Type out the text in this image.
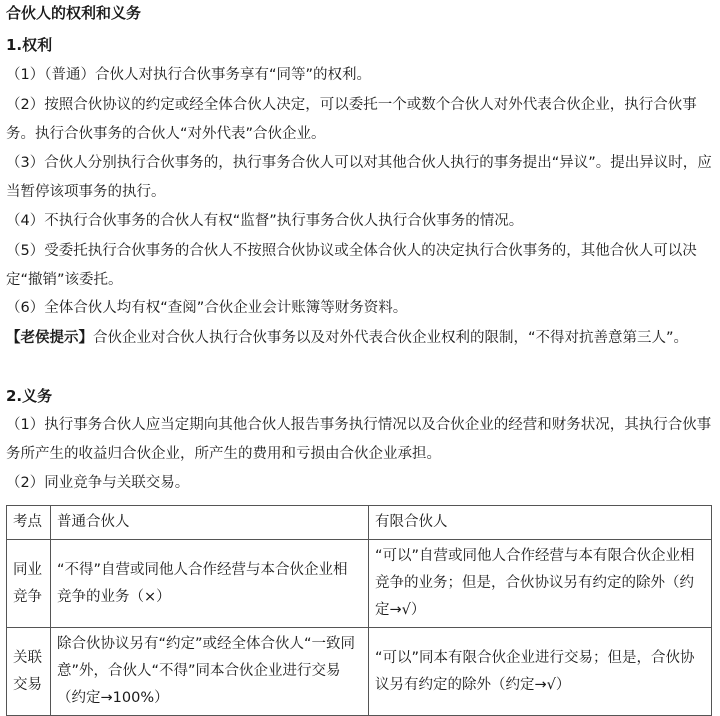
合伙人的权利和义务
1.权利
（1）（普通）合伙人对执行合伙事务享有“同等”的权利。
（2）按照合伙协议的约定或经全体合伙人决定，可以委托一个或数个合伙人对外代表合伙企业，执行合伙事务。执行合伙事务的合伙人“对外代表”合伙企业。
（3）合伙人分别执行合伙事务的，执行事务合伙人可以对其他合伙人执行的事务提出“异议”。提出异议时，应当暂停该项事务的执行。
（4）不执行合伙事务的合伙人有权“监督”执行事务合伙人执行合伙事务的情况。
（5）受委托执行合伙事务的合伙人不按照合伙协议或全体合伙人的决定执行合伙事务的，其他合伙人可以决定“撤销”该委托。
（6）全体合伙人均有权“查阅”合伙企业会计账簿等财务资料。
【老侯提示】合伙企业对合伙人执行合伙事务以及对外代表合伙企业权利的限制，“不得对抗善意第三人”。
2.义务
（1）执行事务合伙人应当定期向其他合伙人报告事务执行情况以及合伙企业的经营和财务状况，其执行合伙事务所产生的收益归合伙企业，所产生的费用和亏损由合伙企业承担。
（2）同业竞争与关联交易。
考点	普通合伙人	有限合伙人
同业竞争	“不得”自营或同他人合作经营与本合伙企业相竞争的业务（×）	“可以”自营或同他人合作经营与本有限合伙企业相竞争的业务；但是，合伙协议另有约定的除外（约定→√）
关联交易	除合伙协议另有“约定”或经全体合伙人“一致同意”外，合伙人“不得”同本合伙企业进行交易（约定→100%）	“可以”同本有限合伙企业进行交易；但是，合伙协议另有约定的除外（约定→√）
